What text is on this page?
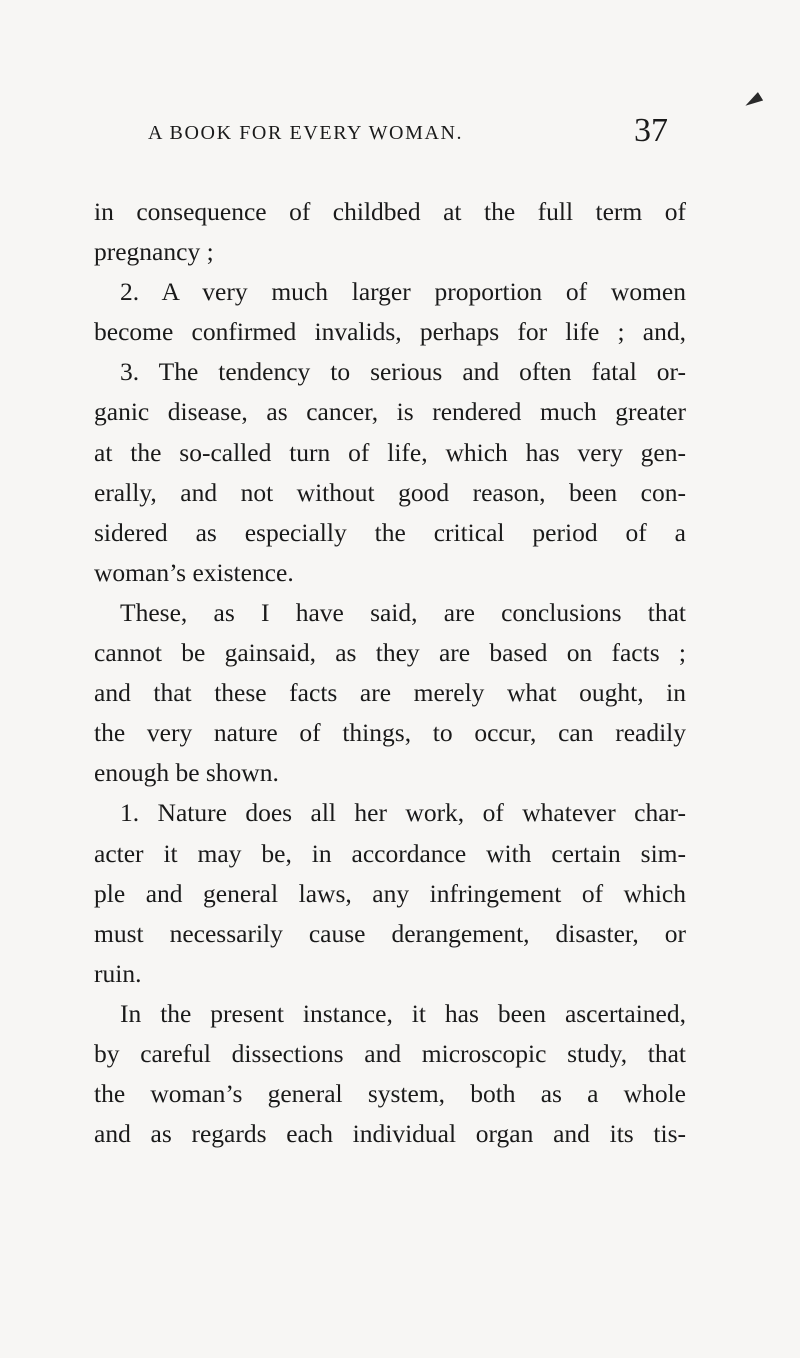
A BOOK FOR EVERY WOMAN.	37
in consequence of childbed at the full term of
pregnancy ;
2. A very much larger proportion of women
become confirmed invalids, perhaps for life ; and,
3. The tendency to serious and often fatal or-
ganic disease, as cancer, is rendered much greater
at the so-called turn of life, which has very gen-
erally, and not without good reason, been con-
sidered as especially the critical period of a
woman’s existence.
These, as I have said, are conclusions that
cannot be gainsaid, as they are based on facts ;
and that these facts are merely what ought, in
the very nature of things, to occur, can readily
enough be shown.
1. Nature does all her work, of whatever char-
acter it may be, in accordance with certain sim-
ple and general laws, any infringement of which
must necessarily cause derangement, disaster, or
ruin.
In the present instance, it has been ascertained,
by careful dissections and microscopic study, that
the woman’s general system, both as a whole
and as regards each individual organ and its tis-
